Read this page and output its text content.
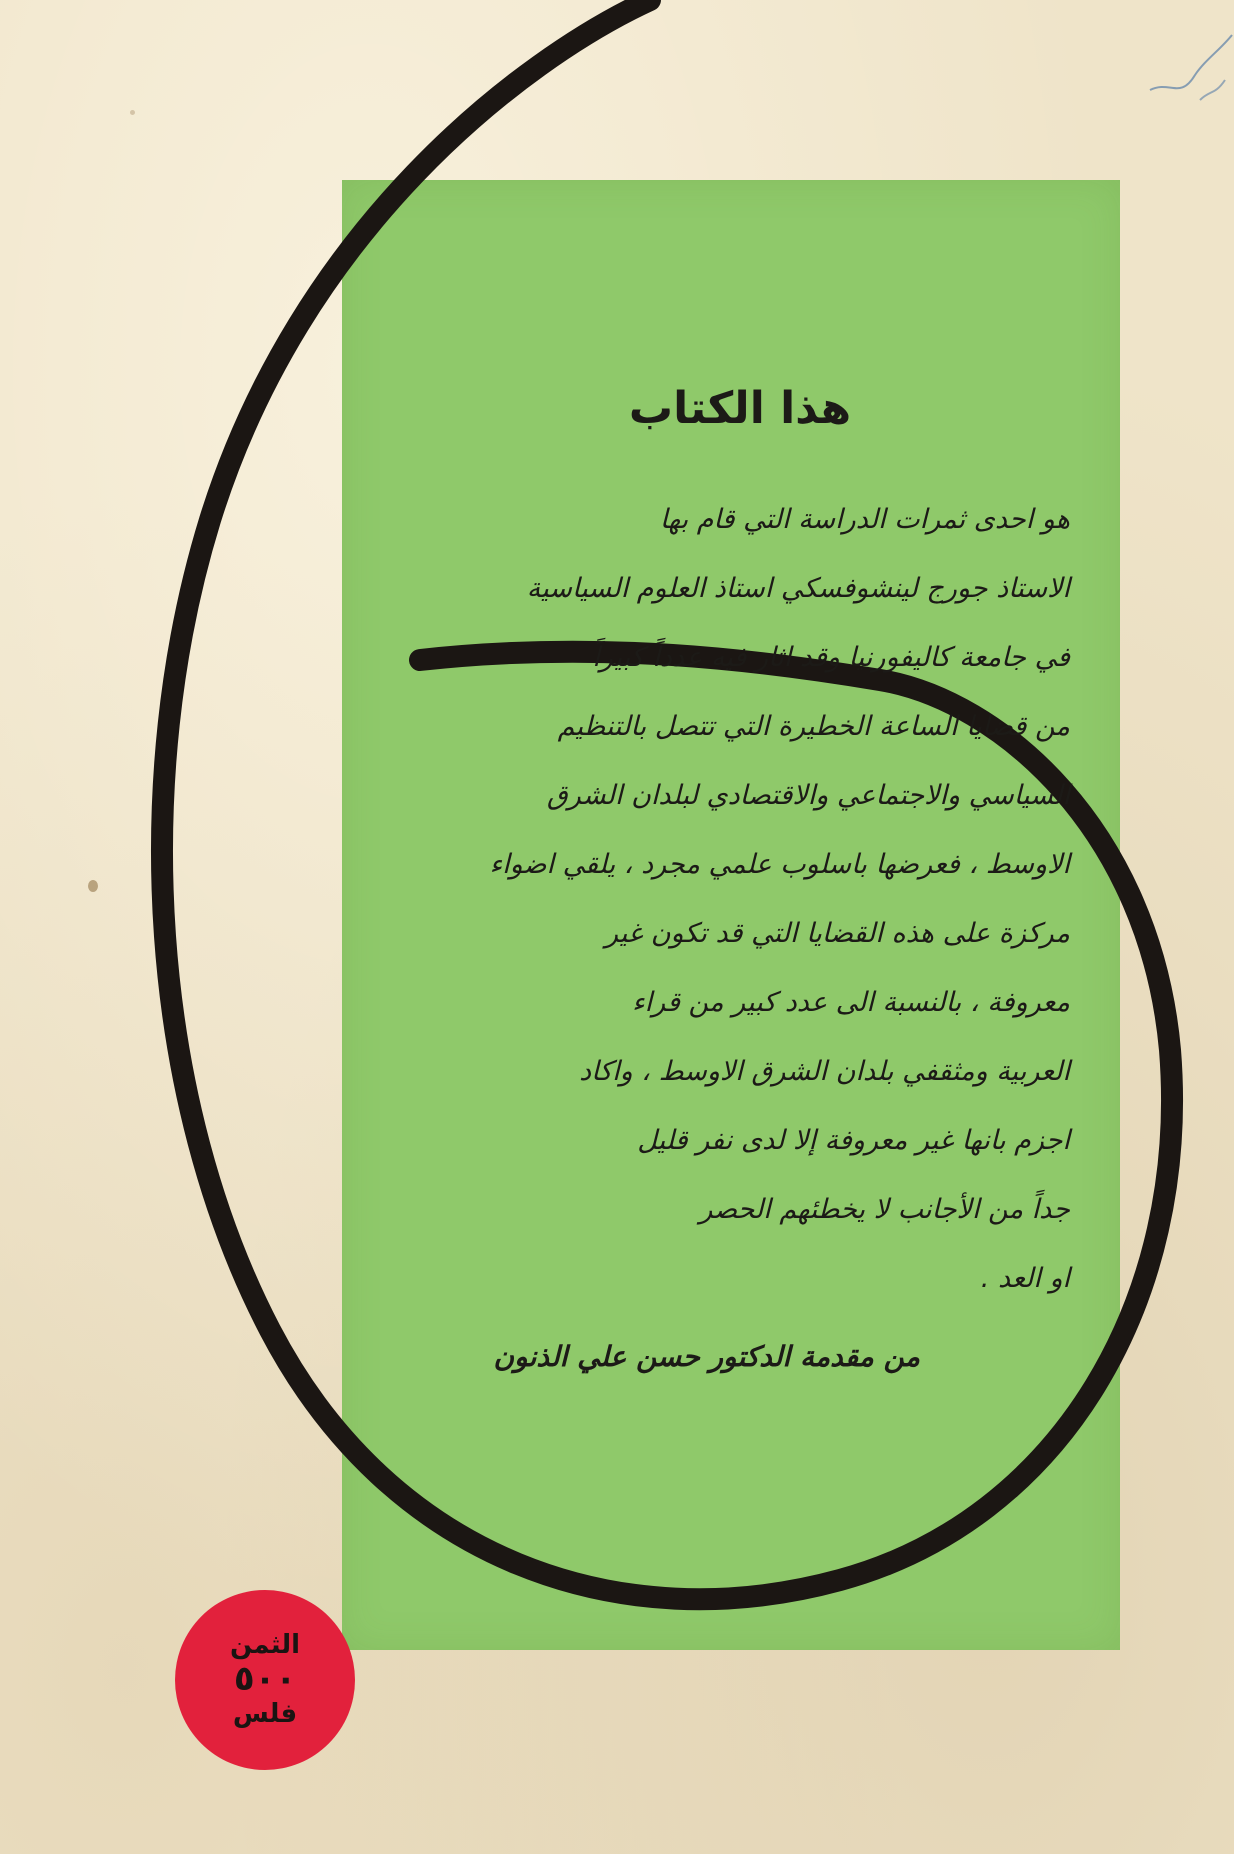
هذا الكتاب
هو احدى ثمرات الدراسة التي قام بها
الاستاذ جورج لينشوفسكي استاذ العلوم السياسية
في جامعة كاليفورنيا وقد اثار فيه عدداً كبيراً
من قضايا الساعة الخطيرة التي تتصل بالتنظيم
السياسي والاجتماعي والاقتصادي لبلدان الشرق
الاوسط ، فعرضها باسلوب علمي مجرد ، يلقي اضواء
مركزة على هذه القضايا التي قد تكون غير
معروفة ، بالنسبة الى عدد كبير من قراء
العربية ومثقفي بلدان الشرق الاوسط ، واكاد
اجزم بانها غير معروفة إلا لدى نفر قليل
جداً من الأجانب لا يخطئهم الحصر
او العد .
من مقدمة الدكتور حسن علي الذنون
الثمن
٥٠٠
فلس
